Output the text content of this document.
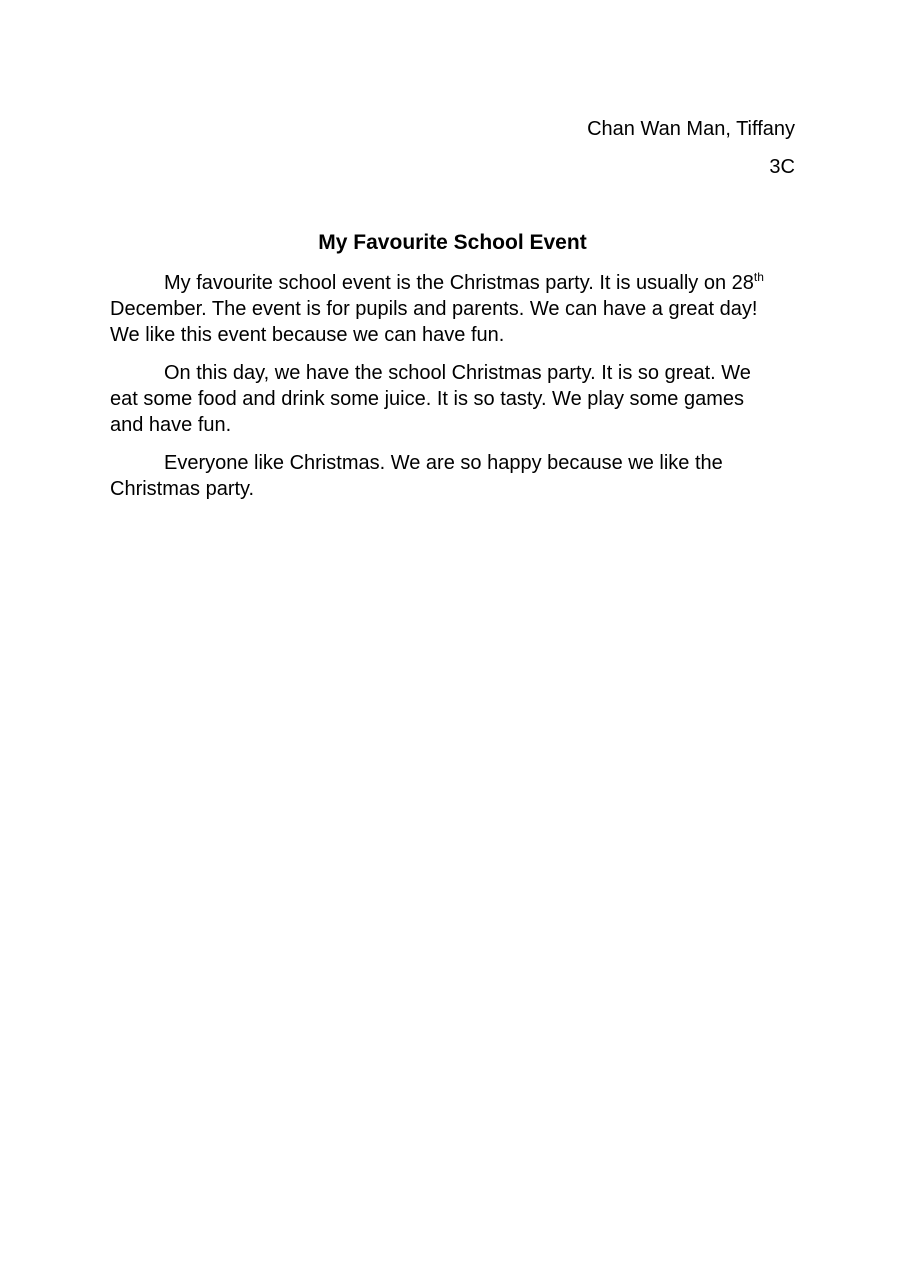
Chan Wan Man, Tiffany
3C
My Favourite School Event

My favourite school event is the Christmas party. It is usually on 28th December. The event is for pupils and parents. We can have a great day! We like this event because we can have fun.

On this day, we have the school Christmas party. It is so great. We eat some food and drink some juice. It is so tasty. We play some games and have fun.

Everyone like Christmas. We are so happy because we like the Christmas party.
